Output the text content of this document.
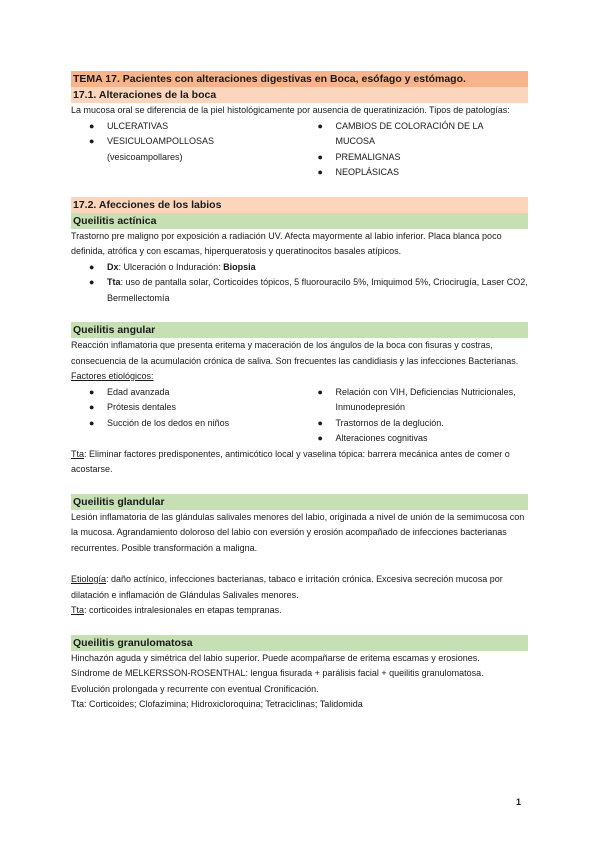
TEMA 17. Pacientes con alteraciones digestivas en Boca, esófago y estómago.
17.1. Alteraciones de la boca

La mucosa oral se diferencia de la piel histológicamente por ausencia de queratinización. Tipos de patologías:

● ULCERATIVAS
● VESICULOAMPOLLOSAS (vesicoampollares)
● CAMBIOS DE COLORACIÓN DE LA MUCOSA
● PREMALIGNAS
● NEOPLÁSICAS
17.2. Afecciones de los labios
Queilitis actínica

Trastorno pre maligno por exposición a radiación UV. Afecta mayormente al labio inferior. Placa blanca poco definida, atrófica y con escamas, hiperqueratosis y queratinocitos basales atípicos.

● Dx: Ulceración o Induración: Biopsia
● Tta: uso de pantalla solar, Corticoides tópicos, 5 fluorouracilo 5%, Imiquimod 5%, Criocirugía, Laser CO2, Bermellectomía
Queilitis angular

Reacción inflamatoria que presenta eritema y maceración de los ángulos de la boca con fisuras y costras, consecuencia de la acumulación crónica de saliva. Son frecuentes las candidiasis y las infecciones Bacterianas.

Factores etiológicos:

● Edad avanzada
● Prótesis dentales
● Succión de los dedos en niños
● Relación con VIH, Deficiencias Nutricionales, Inmunodepresión
● Trastornos de la deglución.
● Alteraciones cognitivas

Tta: Eliminar factores predisponentes, antimicótico local y vaselina tópica: barrera mecánica antes de comer o acostarse.

Queilitis glandular

Lesión inflamatoria de las glándulas salivales menores del labio, originada a nivel de unión de la semimucosa con la mucosa. Agrandamiento doloroso del labio con eversión y erosión acompañado de infecciones bacterianas recurrentes. Posible transformación a maligna.

Etiología: daño actínico, infecciones bacterianas, tabaco e irritación crónica. Excesiva secreción mucosa por dilatación e inflamación de Glándulas Salivales menores.

Tta: corticoides intralesionales en etapas tempranas.

Queilitis granulomatosa

Hinchazón aguda y simétrica del labio superior. Puede acompañarse de eritema escamas y erosiones.

Síndrome de MELKERSSON-ROSENTHAL: lengua fisurada + parálisis facial + queilitis granulomatosa.

Evolución prolongada y recurrente con eventual Cronificación.

Tta: Corticoides; Clofazimina; Hidroxicloroquina; Tetraciclinas; Talidomida

1
